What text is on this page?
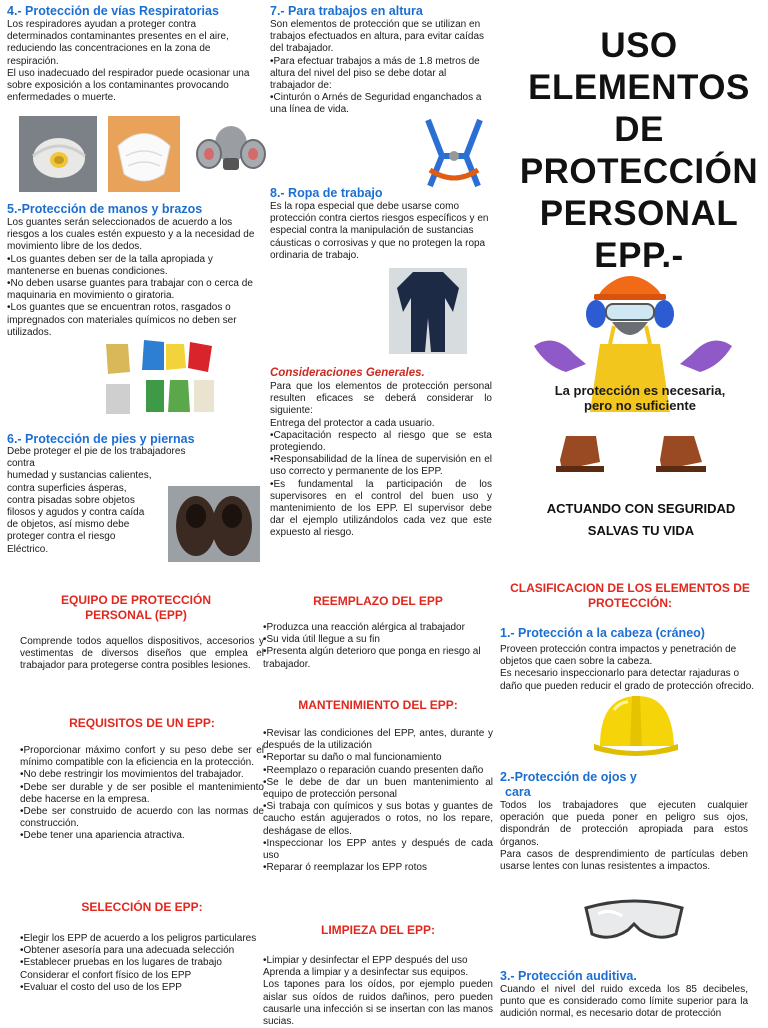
4.- Protección de vías Respiratorias
Los respiradores ayudan a proteger contra determinados contaminantes presentes en el aire, reduciendo las concentraciones en la zona de respiración.
El uso inadecuado del respirador puede ocasionar una sobre exposición a los contaminantes provocando enfermedades o muerte.
5.-Protección de manos y brazos
Los guantes serán seleccionados de acuerdo a los riesgos a los cuales estén expuesto y a la necesidad de movimiento libre de los dedos.
•Los guantes deben ser de la talla apropiada y mantenerse en buenas condiciones.
•No deben usarse guantes para trabajar con o cerca de maquinaria en movimiento o giratoria.
•Los guantes que se encuentran rotos, rasgados o impregnados con materiales químicos no deben ser utilizados.
6.- Protección de pies y piernas
Debe proteger el pie de los trabajadores contra
humedad y sustancias calientes,
contra superficies ásperas,
contra pisadas sobre objetos
filosos y agudos y contra caída
de objetos, así mismo debe
proteger contra el riesgo
Eléctrico.
7.- Para trabajos en altura
Son elementos de protección que se utilizan en trabajos efectuados en altura, para evitar caídas del trabajador.
•Para efectuar trabajos a más de 1.8 metros de altura del nivel del piso se debe dotar al trabajador de:
•Cinturón o Arnés de Seguridad enganchados a una línea de vida.
8.- Ropa de trabajo
Es la ropa especial que debe usarse como protección contra ciertos riesgos específicos y en especial contra la manipulación de sustancias cáusticas o corrosivas y que no protegen la ropa ordinaria de trabajo.
Consideraciones Generales.
Para que los elementos de protección personal resulten eficaces se deberá considerar lo siguiente:
Entrega del protector a cada usuario.
•Capacitación respecto al riesgo que se esta protegiendo.
•Responsabilidad de la línea de supervisión en el uso correcto y permanente de los EPP.
•Es fundamental la participación de los supervisores en el control del buen uso y mantenimiento de los EPP. El supervisor debe dar el ejemplo utilizándolos cada vez que este expuesto al riesgo.
USO
ELEMENTOS
DE
PROTECCIÓN
PERSONAL
EPP.-
La protección es necesaria,
pero no suficiente
ACTUANDO CON SEGURIDAD
SALVAS TU VIDA
EQUIPO DE PROTECCIÓN PERSONAL (EPP)
Comprende todos aquellos dispositivos, accesorios y vestimentas de diversos diseños que emplea el trabajador para protegerse contra posibles lesiones.
REQUISITOS DE UN EPP:
•Proporcionar máximo confort y su peso debe ser el mínimo compatible con la eficiencia en la protección.
•No debe restringir los movimientos del trabajador.
•Debe ser durable y de ser posible el mantenimiento debe hacerse en la empresa.
•Debe ser construido de acuerdo con las normas de construcción.
•Debe tener una apariencia atractiva.
SELECCIÓN DE EPP:
•Elegir los EPP de acuerdo a los peligros particulares
•Obtener asesoría para una adecuada selección
•Establecer pruebas en los lugares de trabajo
Considerar el confort físico de los EPP
•Evaluar el costo del uso de los EPP
REEMPLAZO DEL EPP
•Produzca una reacción alérgica al trabajador
•Su vida útil llegue a su fin
•Presenta algún deterioro que ponga en riesgo al trabajador.
MANTENIMIENTO DEL EPP:
•Revisar las condiciones del EPP, antes, durante y después de la utilización
•Reportar su daño o mal funcionamiento
•Reemplazo o reparación cuando presenten daño
•Se le debe de dar un buen mantenimiento al equipo de protección personal
•Si trabaja con químicos y sus botas y guantes de caucho están agujerados o rotos, no los repare, deshágase de ellos.
•Inspeccionar los EPP antes y después de cada uso
•Reparar ó reemplazar los EPP rotos
LIMPIEZA DEL EPP:
•Limpiar y desinfectar el EPP después del uso
Aprenda a limpiar y a desinfectar sus equipos.
Los tapones para los oídos, por ejemplo pueden aislar sus oídos de ruidos dañinos, pero pueden causarle una infección si se insertan con las manos sucias.
CLASIFICACION DE LOS ELEMENTOS DE PROTECCIÓN:
1.- Protección a la cabeza (cráneo)
Proveen protección contra impactos y penetración de objetos que caen sobre la cabeza.
Es necesario inspeccionarlo para detectar rajaduras o daño que pueden reducir el grado de protección ofrecido.
2.-Protección de ojos y
cara
Todos los trabajadores que ejecuten cualquier operación que pueda poner en peligro sus ojos, dispondrán de protección apropiada para estos órganos.
Para casos de desprendimiento de partículas deben usarse lentes con lunas resistentes a impactos.
3.- Protección auditiva.
Cuando el nivel del ruido exceda los 85 decibeles, punto que es considerado como límite superior para la audición normal, es necesario dotar de protección
